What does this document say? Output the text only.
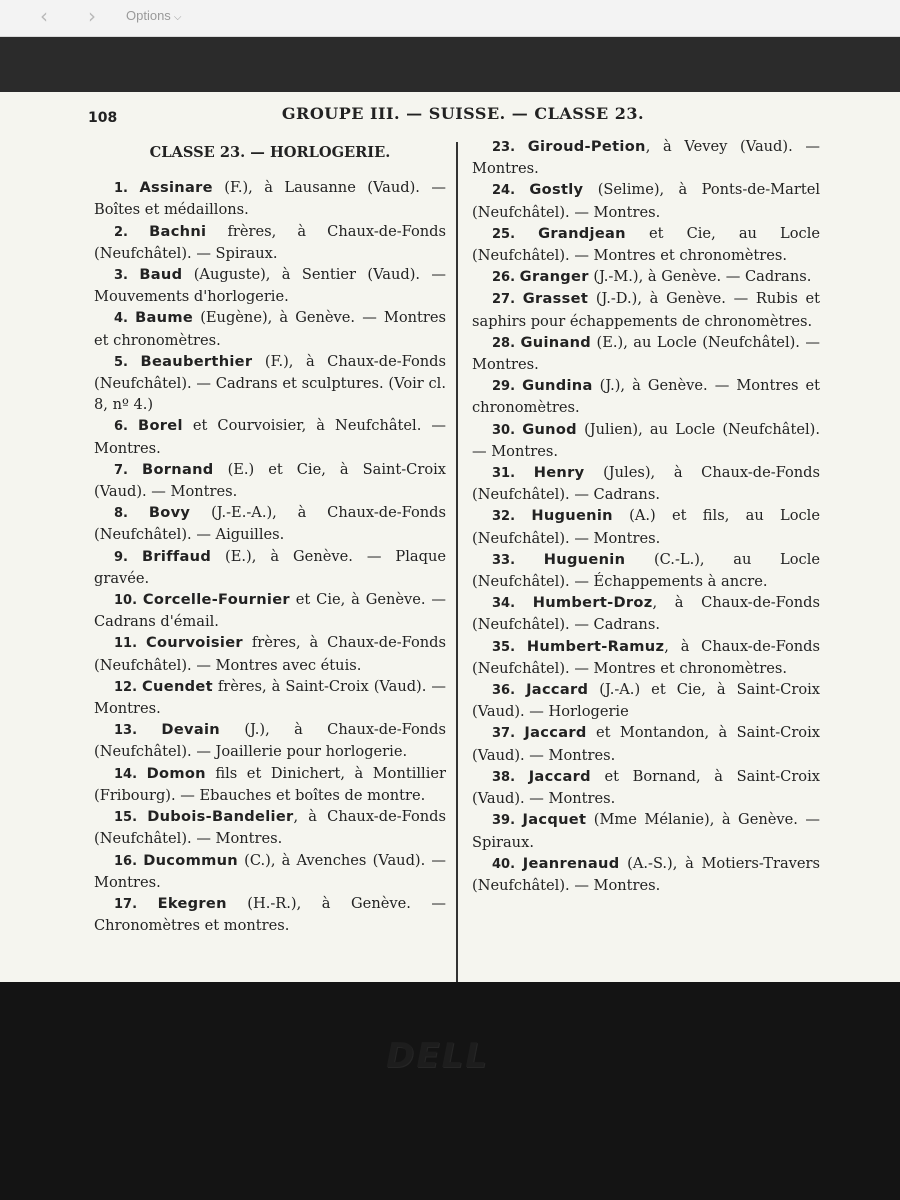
‹	›	Options ⌵
108	GROUPE III. — SUISSE. — CLASSE 23.
CLASSE 23. — HORLOGERIE.

1. Assinare (F.), à Lausanne (Vaud). — Boîtes et médaillons.

2. Bachni frères, à Chaux-de-Fonds (Neufchâtel). — Spiraux.

3. Baud (Auguste), à Sentier (Vaud). — Mouvements d'horlogerie.

4. Baume (Eugène), à Genève. — Montres et chronomètres.

5. Beauberthier (F.), à Chaux-de-Fonds (Neufchâtel). — Cadrans et sculptures. (Voir cl. 8, nº 4.)

6. Borel et Courvoisier, à Neufchâtel. — Montres.

7. Bornand (E.) et Cie, à Saint-Croix (Vaud). — Montres.

8. Bovy (J.-E.-A.), à Chaux-de-Fonds (Neufchâtel). — Aiguilles.

9. Briffaud (E.), à Genève. — Plaque gravée.

10. Corcelle-Fournier et Cie, à Genève. — Cadrans d'émail.

11. Courvoisier frères, à Chaux-de-Fonds (Neufchâtel). — Montres avec étuis.

12. Cuendet frères, à Saint-Croix (Vaud). — Montres.

13. Devain (J.), à Chaux-de-Fonds (Neufchâtel). — Joaillerie pour horlogerie.

14. Domon fils et Dinichert, à Montillier (Fribourg). — Ebauches et boîtes de montre.

15. Dubois-Bandelier, à Chaux-de-Fonds (Neufchâtel). — Montres.

16. Ducommun (C.), à Avenches (Vaud). — Montres.

17. Ekegren (H.-R.), à Genève. — Chronomètres et montres.

23. Giroud-Petion, à Vevey (Vaud). — Montres.

24. Gostly (Selime), à Ponts-de-Martel (Neufchâtel). — Montres.

25. Grandjean et Cie, au Locle (Neufchâtel). — Montres et chronomètres.

26. Granger (J.-M.), à Genève. — Cadrans.

27. Grasset (J.-D.), à Genève. — Rubis et saphirs pour échappements de chronomètres.

28. Guinand (E.), au Locle (Neufchâtel). — Montres.

29. Gundina (J.), à Genève. — Montres et chronomètres.

30. Gunod (Julien), au Locle (Neufchâtel). — Montres.

31. Henry (Jules), à Chaux-de-Fonds (Neufchâtel). — Cadrans.

32. Huguenin (A.) et fils, au Locle (Neufchâtel). — Montres.

33. Huguenin (C.-L.), au Locle (Neufchâtel). — Échappements à ancre.

34. Humbert-Droz, à Chaux-de-Fonds (Neufchâtel). — Cadrans.

35. Humbert-Ramuz, à Chaux-de-Fonds (Neufchâtel). — Montres et chronomètres.

36. Jaccard (J.-A.) et Cie, à Saint-Croix (Vaud). — Horlogerie

37. Jaccard et Montandon, à Saint-Croix (Vaud). — Montres.

38. Jaccard et Bornand, à Saint-Croix (Vaud). — Montres.

39. Jacquet (Mme Mélanie), à Genève. — Spiraux.

40. Jeanrenaud (A.-S.), à Motiers-Travers (Neufchâtel). — Montres.

DELL
